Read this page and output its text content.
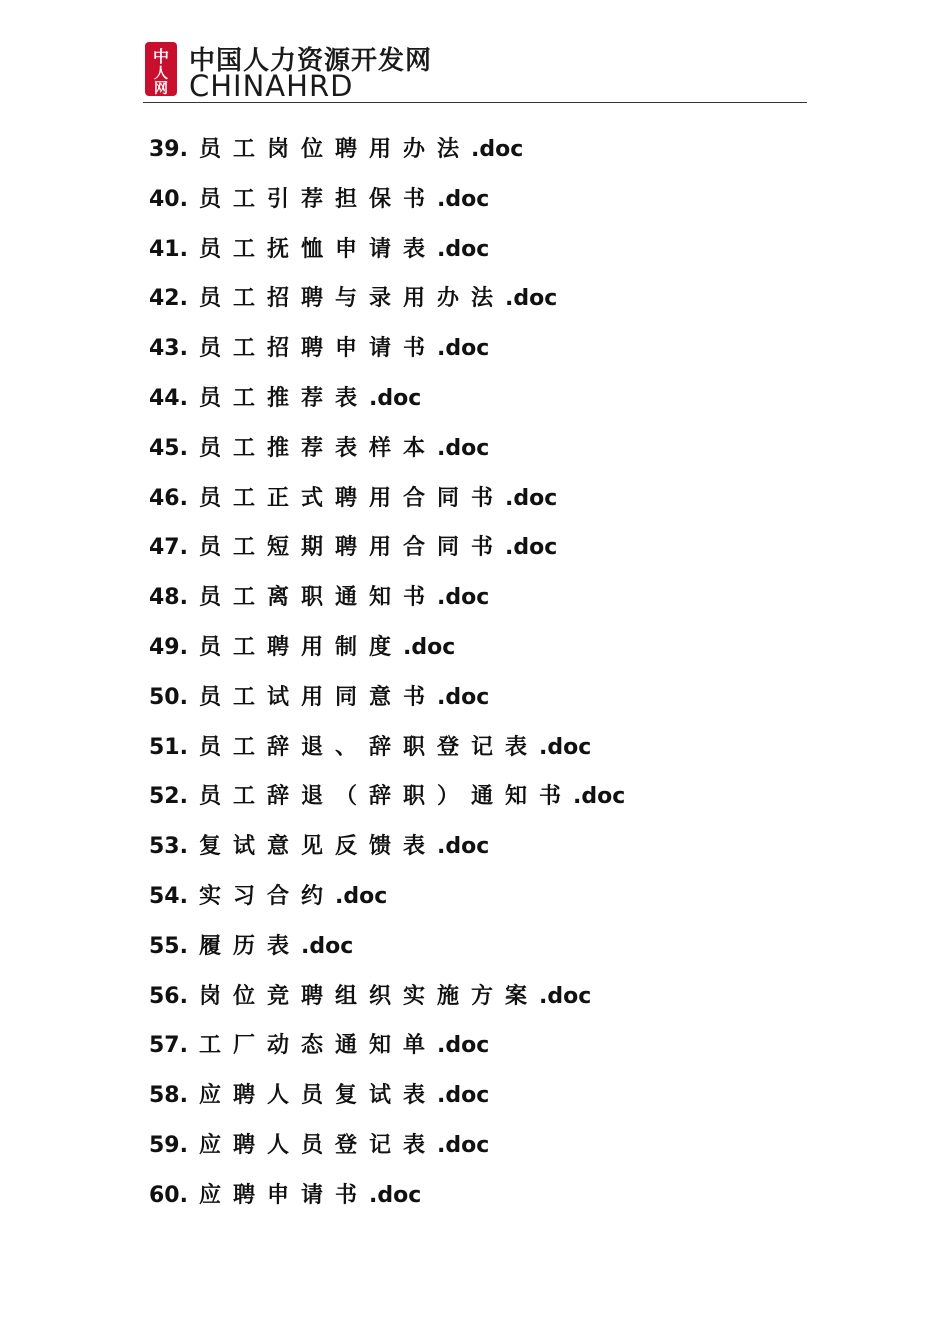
中
人
网
中国人力资源开发网
CHINAHRD
39. 员工岗位聘用办法.doc
40. 员工引荐担保书.doc
41. 员工抚恤申请表.doc
42. 员工招聘与录用办法.doc
43. 员工招聘申请书.doc
44. 员工推荐表.doc
45. 员工推荐表样本.doc
46. 员工正式聘用合同书.doc
47. 员工短期聘用合同书.doc
48. 员工离职通知书.doc
49. 员工聘用制度.doc
50. 员工试用同意书.doc
51. 员工辞退、辞职登记表.doc
52. 员工辞退（辞职）通知书.doc
53. 复试意见反馈表.doc
54. 实习合约.doc
55. 履历表.doc
56. 岗位竞聘组织实施方案.doc
57. 工厂动态通知单.doc
58. 应聘人员复试表.doc
59. 应聘人员登记表.doc
60. 应聘申请书.doc
